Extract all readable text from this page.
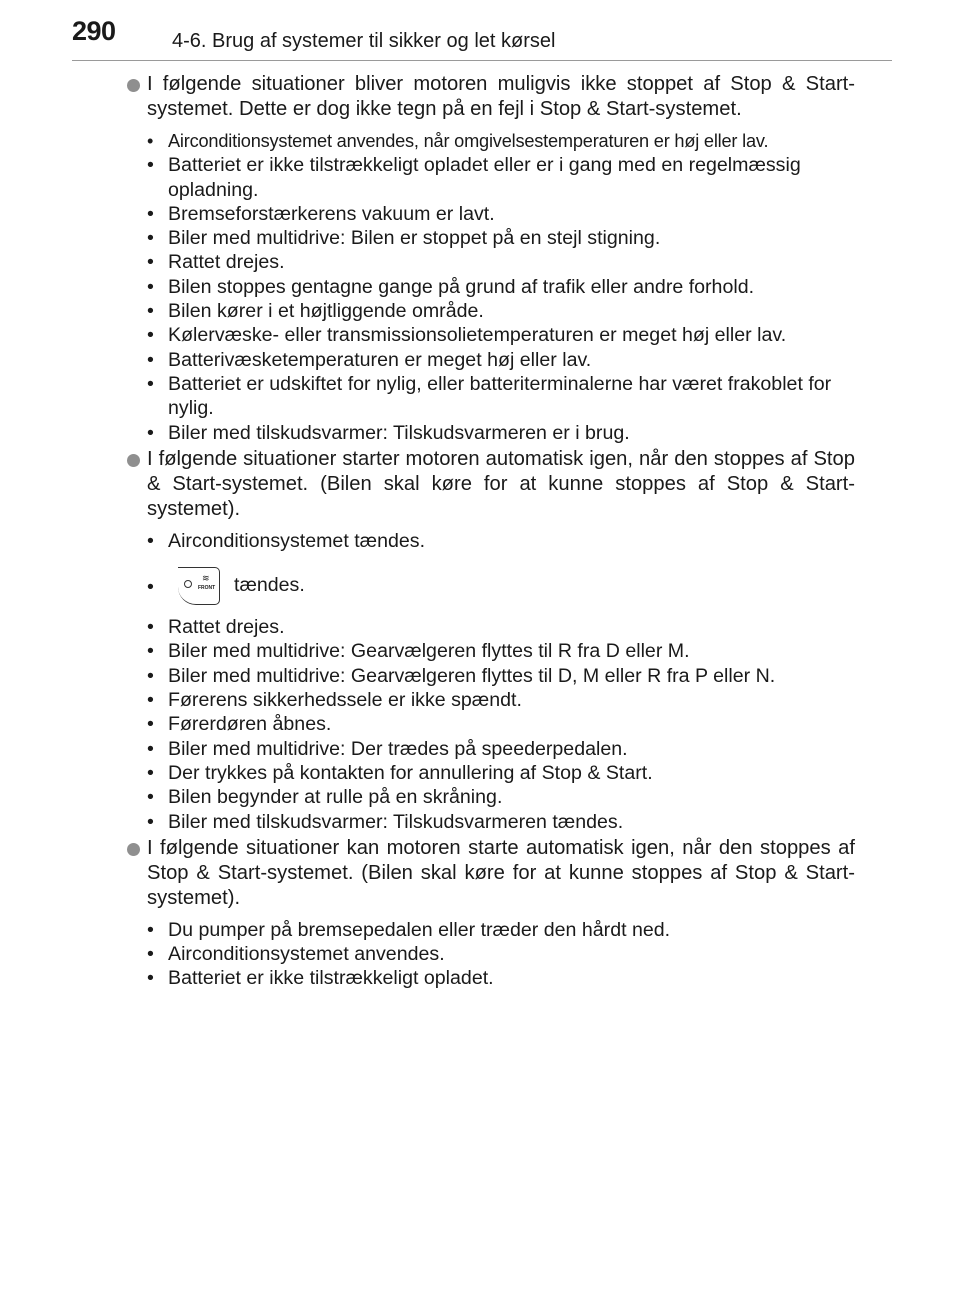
290	4-6. Brug af systemer til sikker og let kørsel
I følgende situationer bliver motoren muligvis ikke stoppet af Stop & Start-systemet. Dette er dog ikke tegn på en fejl i Stop & Start-systemet.
• Airconditionsystemet anvendes, når omgivelsestemperaturen er høj eller lav.
• Batteriet er ikke tilstrækkeligt opladet eller er i gang med en regelmæssig opladning.
• Bremseforstærkerens vakuum er lavt.
• Biler med multidrive: Bilen er stoppet på en stejl stigning.
• Rattet drejes.
• Bilen stoppes gentagne gange på grund af trafik eller andre forhold.
• Bilen kører i et højtliggende område.
• Kølervæske- eller transmissionsolietemperaturen er meget høj eller lav.
• Batterivæsketemperaturen er meget høj eller lav.
• Batteriet er udskiftet for nylig, eller batteriterminalerne har været frakoblet for nylig.
• Biler med tilskudsvarmer: Tilskudsvarmeren er i brug.
I følgende situationer starter motoren automatisk igen, når den stoppes af Stop & Start-systemet. (Bilen skal køre for at kunne stoppes af Stop & Start-systemet).
• Airconditionsystemet tændes.
•	≋
FRONT tændes.
• Rattet drejes.
• Biler med multidrive: Gearvælgeren flyttes til R fra D eller M.
• Biler med multidrive: Gearvælgeren flyttes til D, M eller R fra P eller N.
• Førerens sikkerhedssele er ikke spændt.
• Førerdøren åbnes.
• Biler med multidrive: Der trædes på speederpedalen.
• Der trykkes på kontakten for annullering af Stop & Start.
• Bilen begynder at rulle på en skråning.
• Biler med tilskudsvarmer: Tilskudsvarmeren tændes.
I følgende situationer kan motoren starte automatisk igen, når den stoppes af Stop & Start-systemet. (Bilen skal køre for at kunne stoppes af Stop & Start-systemet).
• Du pumper på bremsepedalen eller træder den hårdt ned.
• Airconditionsystemet anvendes.
• Batteriet er ikke tilstrækkeligt opladet.
